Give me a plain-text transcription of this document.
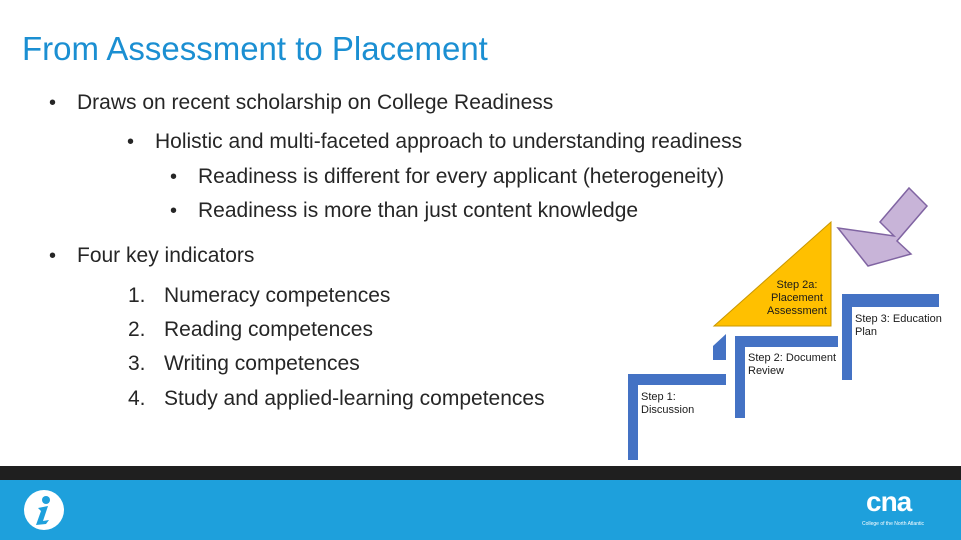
From Assessment to Placement
• Draws on recent scholarship on College Readiness
• Holistic and multi-faceted approach to understanding readiness
• Readiness is different for every applicant (heterogeneity)
• Readiness is more than just content knowledge
• Four key indicators
1. Numeracy competences
2. Reading competences
3. Writing competences
4. Study and applied-learning competences	Step 1:
Discussion
Step 2: Document
Review
Step 2a:
Placement
Assessment
Step 3: Education
Plan
cna
College of the North Atlantic
